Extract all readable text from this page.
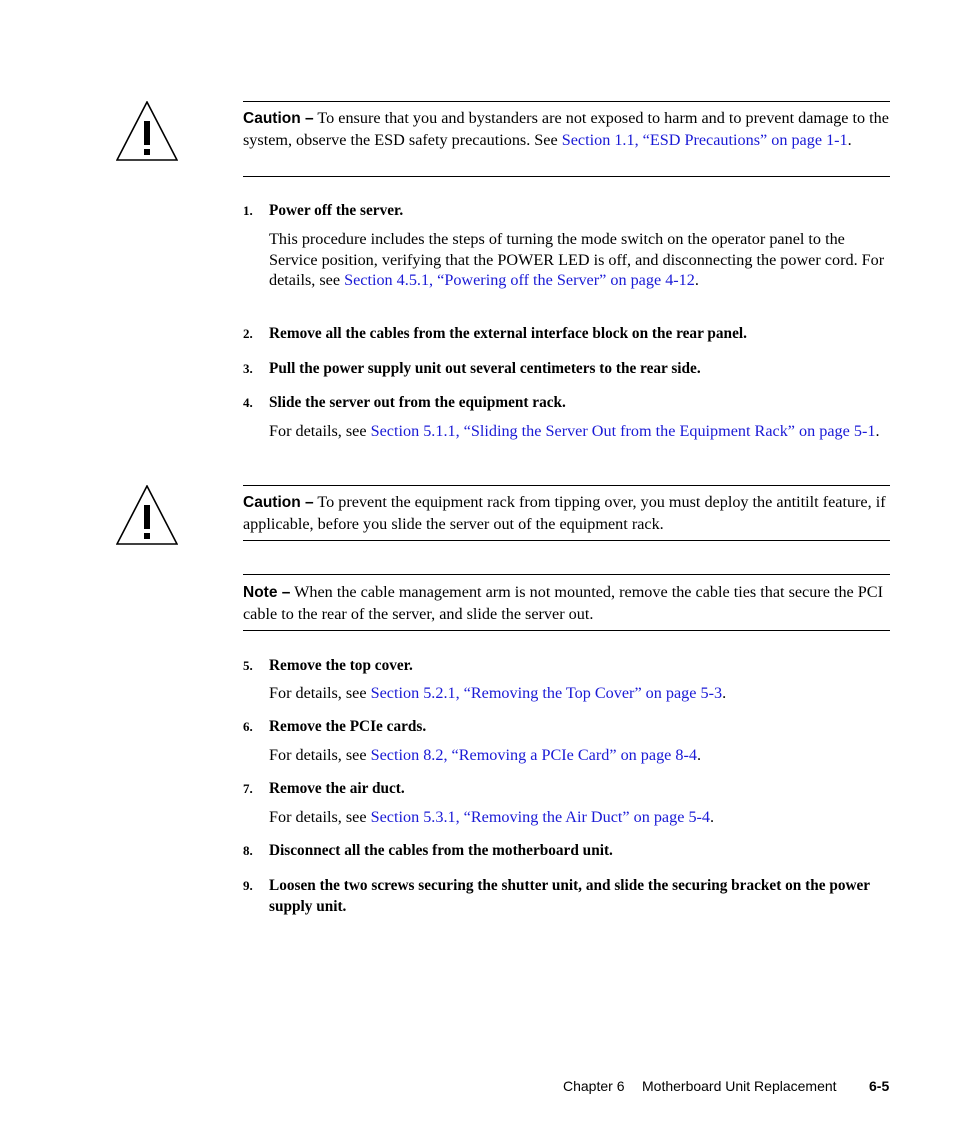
Caution – To ensure that you and bystanders are not exposed to harm and to prevent damage to the system, observe the ESD safety precautions. See Section 1.1, “ESD Precautions” on page 1-1.
1. Power off the server.
This procedure includes the steps of turning the mode switch on the operator panel to the Service position, verifying that the POWER LED is off, and disconnecting the power cord. For details, see Section 4.5.1, “Powering off the Server” on page 4-12.
2. Remove all the cables from the external interface block on the rear panel.
3. Pull the power supply unit out several centimeters to the rear side.
4. Slide the server out from the equipment rack.
For details, see Section 5.1.1, “Sliding the Server Out from the Equipment Rack” on page 5-1.
Caution – To prevent the equipment rack from tipping over, you must deploy the antitilt feature, if applicable, before you slide the server out of the equipment rack.
Note – When the cable management arm is not mounted, remove the cable ties that secure the PCI cable to the rear of the server, and slide the server out.
5. Remove the top cover.
For details, see Section 5.2.1, “Removing the Top Cover” on page 5-3.
6. Remove the PCIe cards.
For details, see Section 8.2, “Removing a PCIe Card” on page 8-4.
7. Remove the air duct.
For details, see Section 5.3.1, “Removing the Air Duct” on page 5-4.
8. Disconnect all the cables from the motherboard unit.
9. Loosen the two screws securing the shutter unit, and slide the securing bracket on the power supply unit.
Chapter 6 Motherboard Unit Replacement 6-5
